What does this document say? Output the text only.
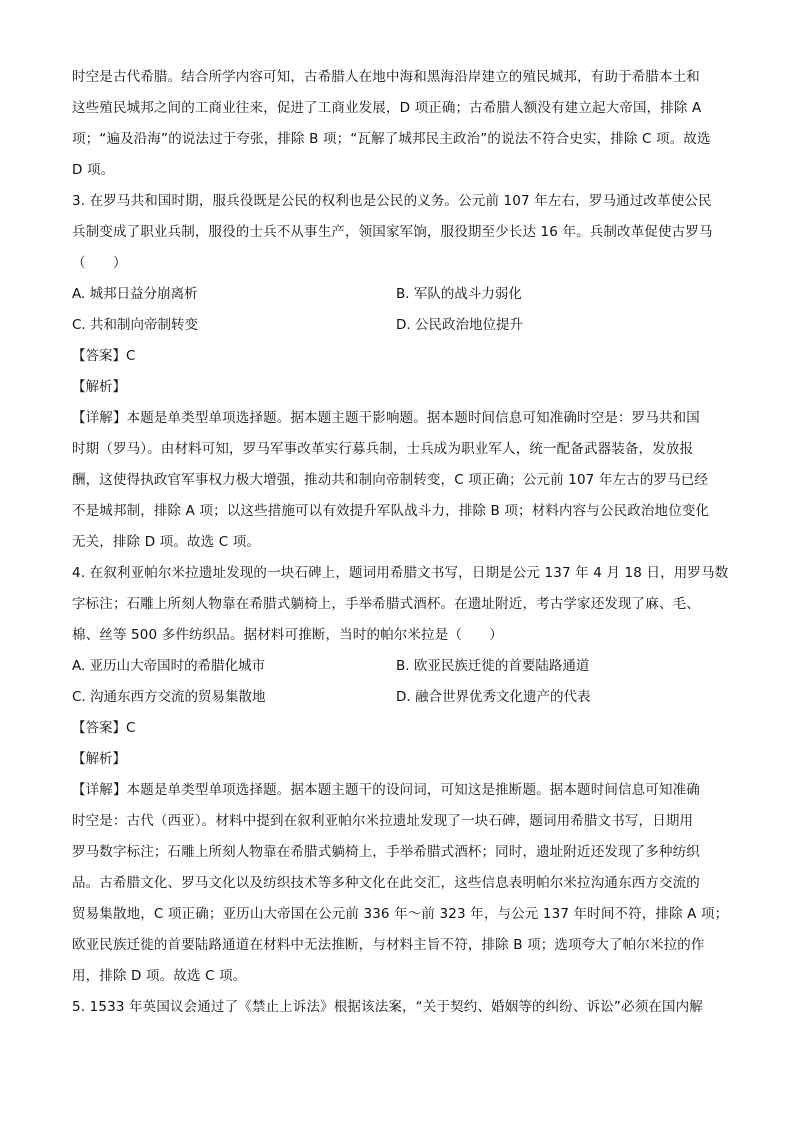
时空是古代希腊。结合所学内容可知，古希腊人在地中海和黑海沿岸建立的殖民城邦，有助于希腊本土和
这些殖民城邦之间的工商业往来，促进了工商业发展，D 项正确；古希腊人额没有建立起大帝国，排除 A
项；“遍及沿海”的说法过于夸张，排除 B 项；“瓦解了城邦民主政治”的说法不符合史实，排除 C 项。故选
D 项。
3. 在罗马共和国时期，服兵役既是公民的权利也是公民的义务。公元前 107 年左右，罗马通过改革使公民
兵制变成了职业兵制，服役的士兵不从事生产，领国家军饷，服役期至少长达 16 年。兵制改革促使古罗马
（　　）
A. 城邦日益分崩离析	B. 军队的战斗力弱化
C. 共和制向帝制转变	D. 公民政治地位提升
【答案】C
【解析】
【详解】本题是单类型单项选择题。据本题主题干影响题。据本题时间信息可知准确时空是：罗马共和国
时期（罗马）。由材料可知，罗马军事改革实行募兵制，士兵成为职业军人，统一配备武器装备，发放报
酬，这使得执政官军事权力极大增强，推动共和制向帝制转变，C 项正确；公元前 107 年左古的罗马已经
不是城邦制，排除 A 项；以这些措施可以有效提升军队战斗力，排除 B 项；材料内容与公民政治地位变化
无关，排除 D 项。故选 C 项。
4. 在叙利亚帕尔米拉遗址发现的一块石碑上，题词用希腊文书写，日期是公元 137 年 4 月 18 日，用罗马数
字标注；石雕上所刻人物靠在希腊式躺椅上，手举希腊式酒杯。在遗址附近，考古学家还发现了麻、毛、
棉、丝等 500 多件纺织品。据材料可推断，当时的帕尔米拉是（　　）
A. 亚历山大帝国时的希腊化城市	B. 欧亚民族迁徙的首要陆路通道
C. 沟通东西方交流的贸易集散地	D. 融合世界优秀文化遗产的代表
【答案】C
【解析】
【详解】本题是单类型单项选择题。据本题主题干的设问词，可知这是推断题。据本题时间信息可知准确
时空是：古代（西亚）。材料中提到在叙利亚帕尔米拉遗址发现了一块石碑，题词用希腊文书写，日期用
罗马数字标注；石雕上所刻人物靠在希腊式躺椅上，手举希腊式酒杯；同时，遗址附近还发现了多种纺织
品。古希腊文化、罗马文化以及纺织技术等多种文化在此交汇，这些信息表明帕尔米拉沟通东西方交流的
贸易集散地，C 项正确；亚历山大帝国在公元前 336 年～前 323 年，与公元 137 年时间不符，排除 A 项；
欧亚民族迁徙的首要陆路通道在材料中无法推断，与材料主旨不符，排除 B 项；选项夸大了帕尔米拉的作
用，排除 D 项。故选 C 项。
5. 1533 年英国议会通过了《禁止上诉法》根据该法案，“关于契约、婚姻等的纠纷、诉讼”必须在国内解
